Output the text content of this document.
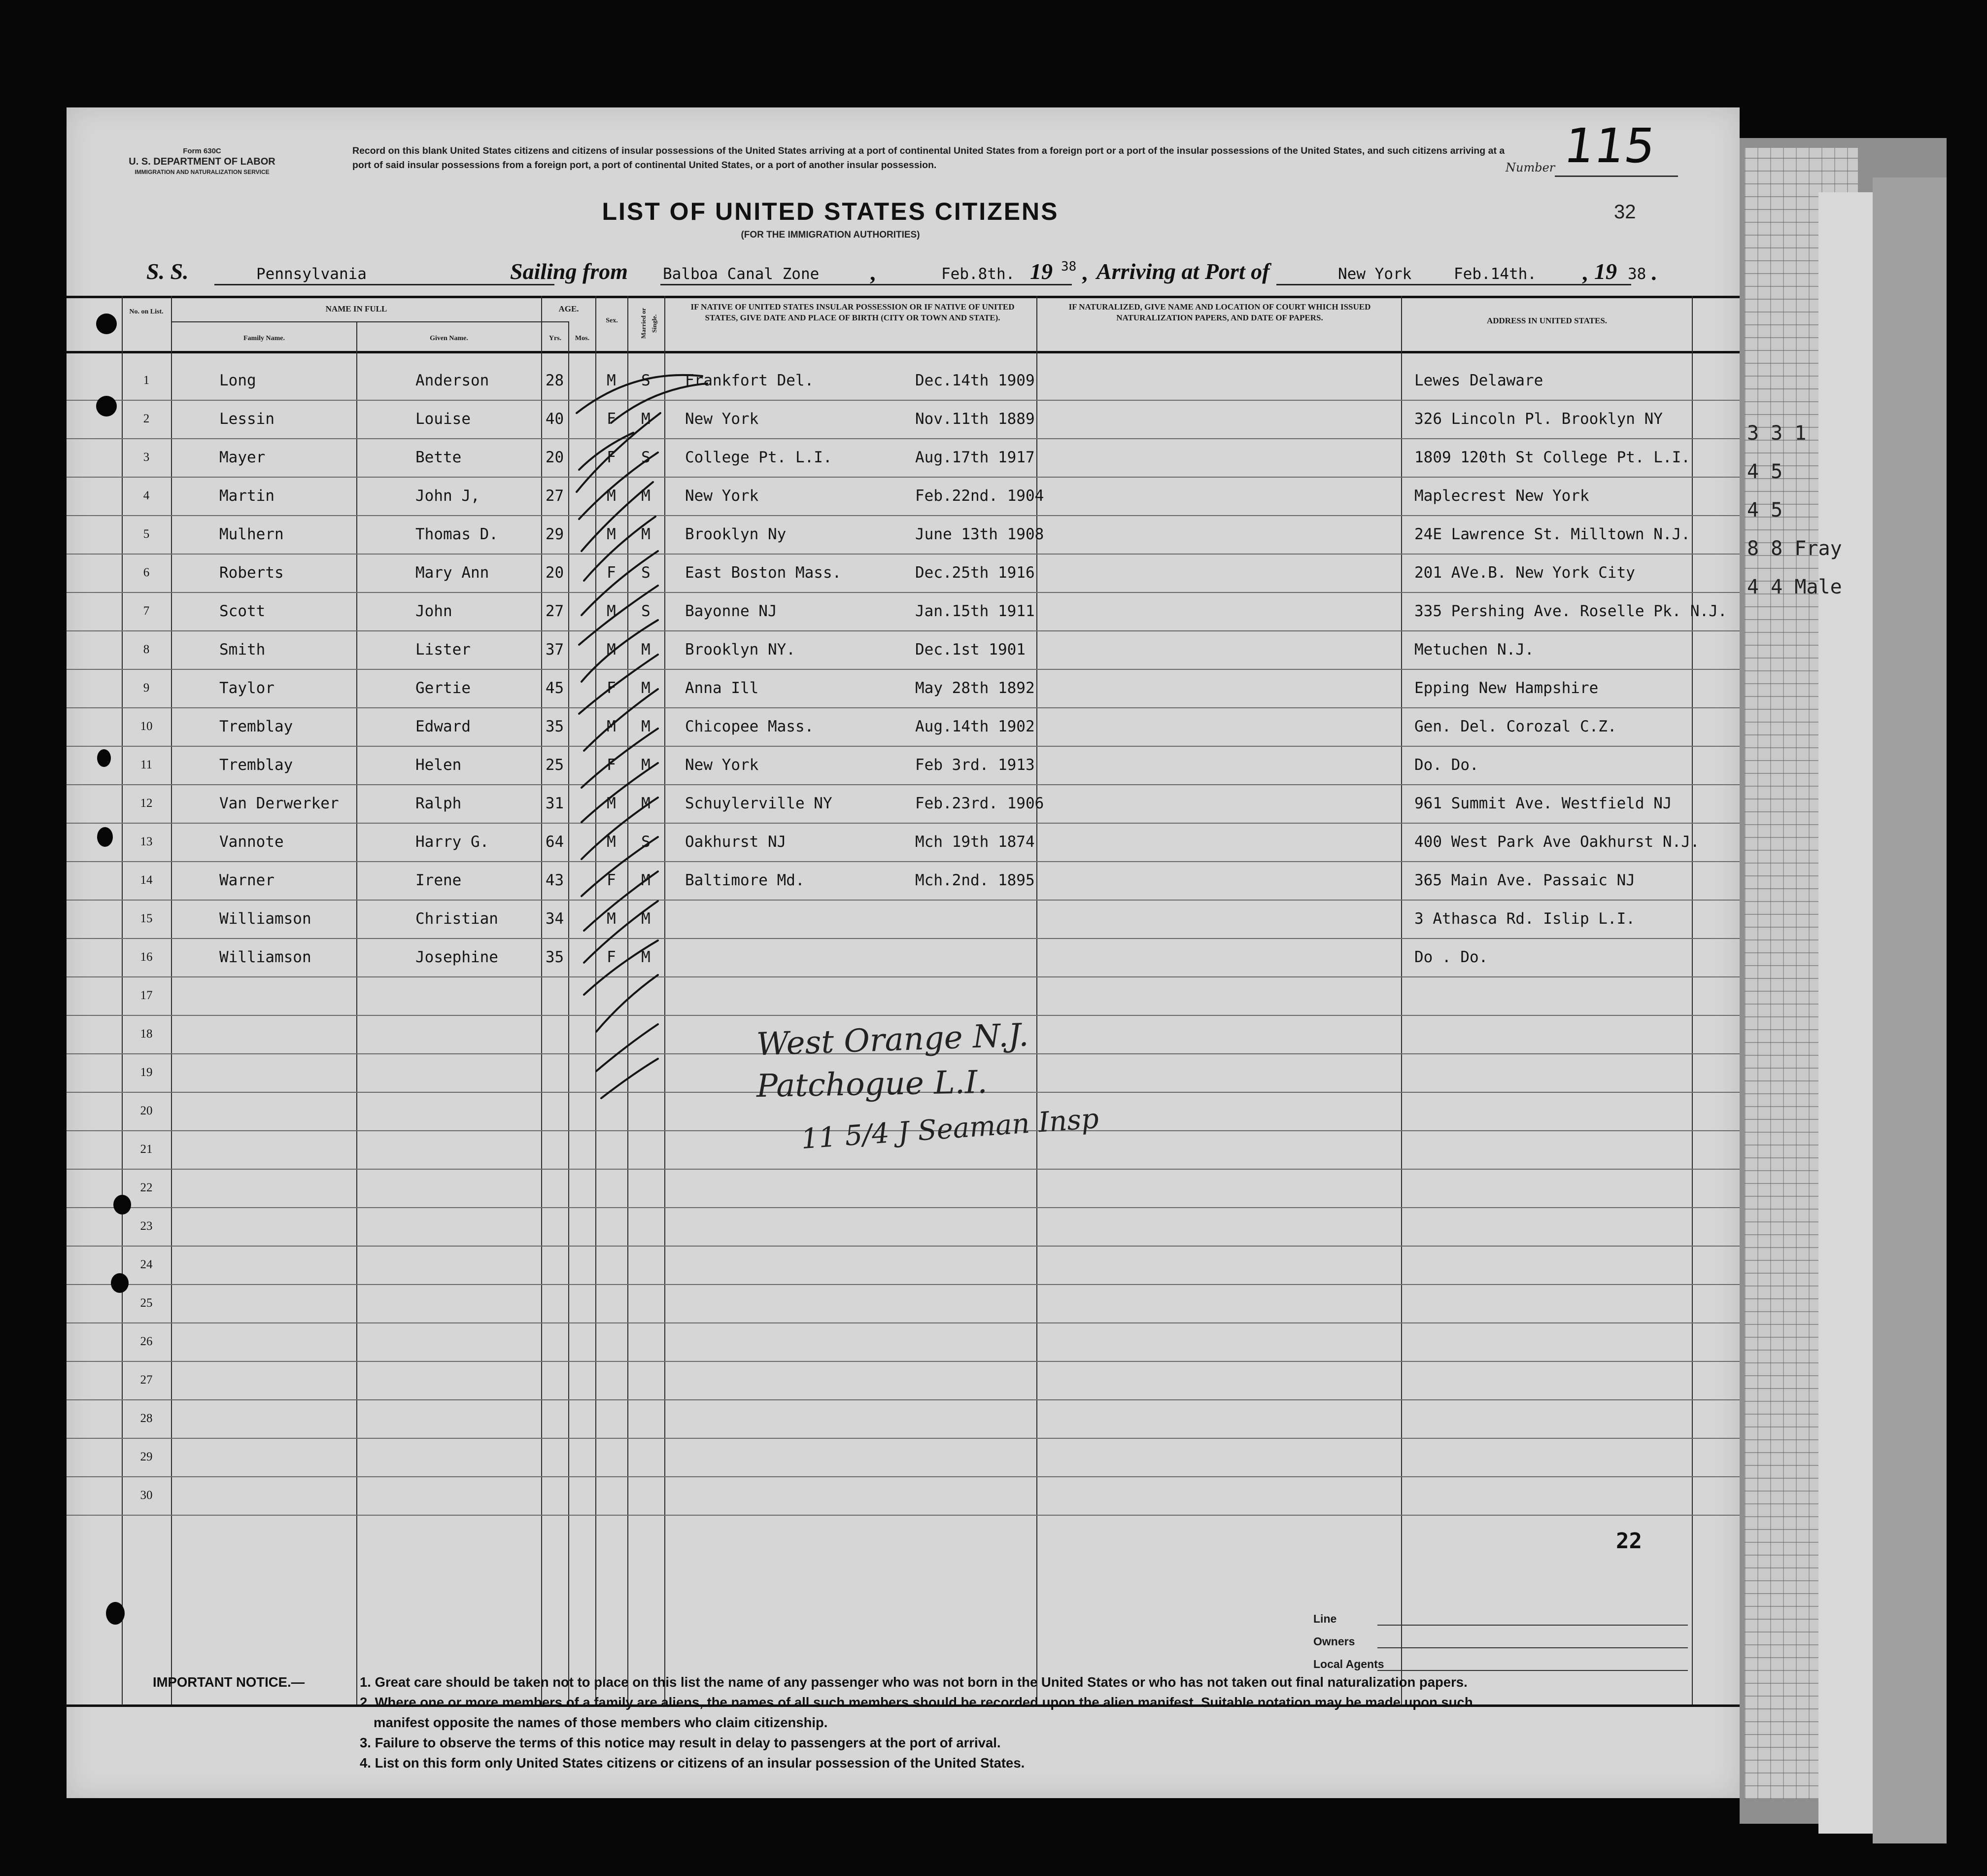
3 3 1
4 5
4 5
8 8 Fray
4 4 Male
Form 630C
U. S. DEPARTMENT OF LABOR
IMMIGRATION AND NATURALIZATION SERVICE
Record on this blank United States citizens and citizens of insular possessions of the United States arriving at a port of continental United States from a foreign port or a port of the insular possessions of the United States, and such citizens arriving at a port of said insular possessions from a foreign port, a port of continental United States, or a port of another insular possession.	Number 115
LIST OF UNITED STATES CITIZENS
(FOR THE IMMIGRATION AUTHORITIES)
32
S. S.	Pennsylvania	Sailing from Balboa Canal Zone ,	Feb.8th. 19 38 , Arriving at Port of	New York	Feb.14th. , 19 38 .
No. on List.	NAME IN FULL
Family Name.	Given Name.
AGE.
Yrs.	Mos.
Sex.	Married or Single.
IF NATIVE OF UNITED STATES INSULAR POSSESSION OR IF NATIVE OF UNITED STATES, GIVE DATE AND PLACE OF BIRTH (CITY OR TOWN AND STATE).
IF NATURALIZED, GIVE NAME AND LOCATION OF COURT WHICH ISSUED NATURALIZATION PAPERS, AND DATE OF PAPERS.	ADDRESS IN UNITED STATES.
1	Long	Anderson	28	M	S	Frankfort Del.	Dec.14th 1909	Lewes Delaware
2	Lessin	Louise	40	F	M	New York	Nov.11th 1889	326 Lincoln Pl. Brooklyn NY
3	Mayer	Bette	20	F	S	College Pt. L.I.	Aug.17th 1917	1809 120th St College Pt. L.I.
4	Martin	John J,	27	M	M	New York	Feb.22nd. 1904	Maplecrest New York
5	Mulhern	Thomas D.	29	M	M	Brooklyn Ny	June 13th 1908	24E Lawrence St. Milltown N.J.
6	Roberts	Mary Ann	20	F	S	East Boston Mass.	Dec.25th 1916	201 AVe.B. New York City
7	Scott	John	27	M	S	Bayonne NJ	Jan.15th 1911	335 Pershing Ave. Roselle Pk. N.J.
8	Smith	Lister	37	M	M	Brooklyn NY.	Dec.1st 1901	Metuchen N.J.
9	Taylor	Gertie	45	F	M	Anna Ill	May 28th 1892	Epping New Hampshire
10	Tremblay	Edward	35	M	M	Chicopee Mass.	Aug.14th 1902	Gen. Del. Corozal C.Z.
11	Tremblay	Helen	25	F	M	New York	Feb 3rd. 1913	Do. Do.
12	Van Derwerker	Ralph	31	M	M	Schuylerville NY	Feb.23rd. 1906	961 Summit Ave. Westfield NJ
13	Vannote	Harry G.	64	M	S	Oakhurst NJ	Mch 19th 1874	400 West Park Ave Oakhurst N.J.
14	Warner	Irene	43	F	M	Baltimore Md.	Mch.2nd. 1895	365 Main Ave. Passaic NJ
15	Williamson	Christian	34	M	M	3 Athasca Rd. Islip L.I.
16	Williamson	Josephine	35	F	M	Do . Do.
17
18
19
20
21
22
23
24
25
26
27
28
29
30
West Orange N.J.
Patchogue L.I.
11 5/4 J Seaman Insp
22
Line
Owners
Local Agents
IMPORTANT NOTICE.—	1. Great care should be taken not to place on this list the name of any passenger who was not born in the United States or who has not taken out final naturalization papers.
2. Where one or more members of a family are aliens, the names of all such members should be recorded upon the alien manifest. Suitable notation may be made upon such
manifest opposite the names of those members who claim citizenship.
3. Failure to observe the terms of this notice may result in delay to passengers at the port of arrival.
4. List on this form only United States citizens or citizens of an insular possession of the United States.
